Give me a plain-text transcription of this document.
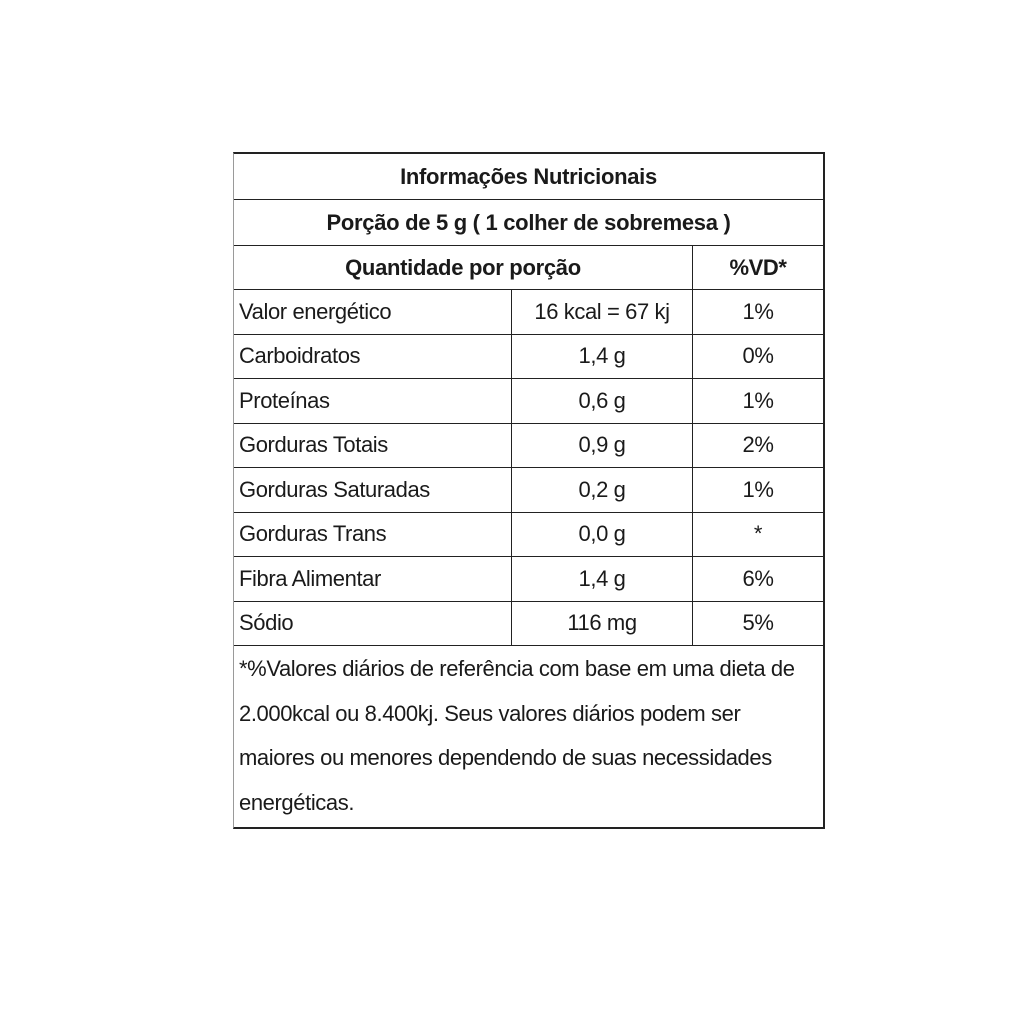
Informações Nutricionais
Porção de 5 g ( 1 colher de sobremesa )
Quantidade por porção	%VD*
Valor energético	16 kcal = 67 kj	1%
Carboidratos	1,4 g	0%
Proteínas	0,6 g	1%
Gorduras Totais	0,9 g	2%
Gorduras Saturadas	0,2 g	1%
Gorduras Trans	0,0 g	*
Fibra Alimentar	1,4 g	6%
Sódio	116 mg	5%
*%Valores diários de referência com base em uma dieta de 2.000kcal ou 8.400kj. Seus valores diários podem ser maiores ou menores dependendo de suas necessidades energéticas.
